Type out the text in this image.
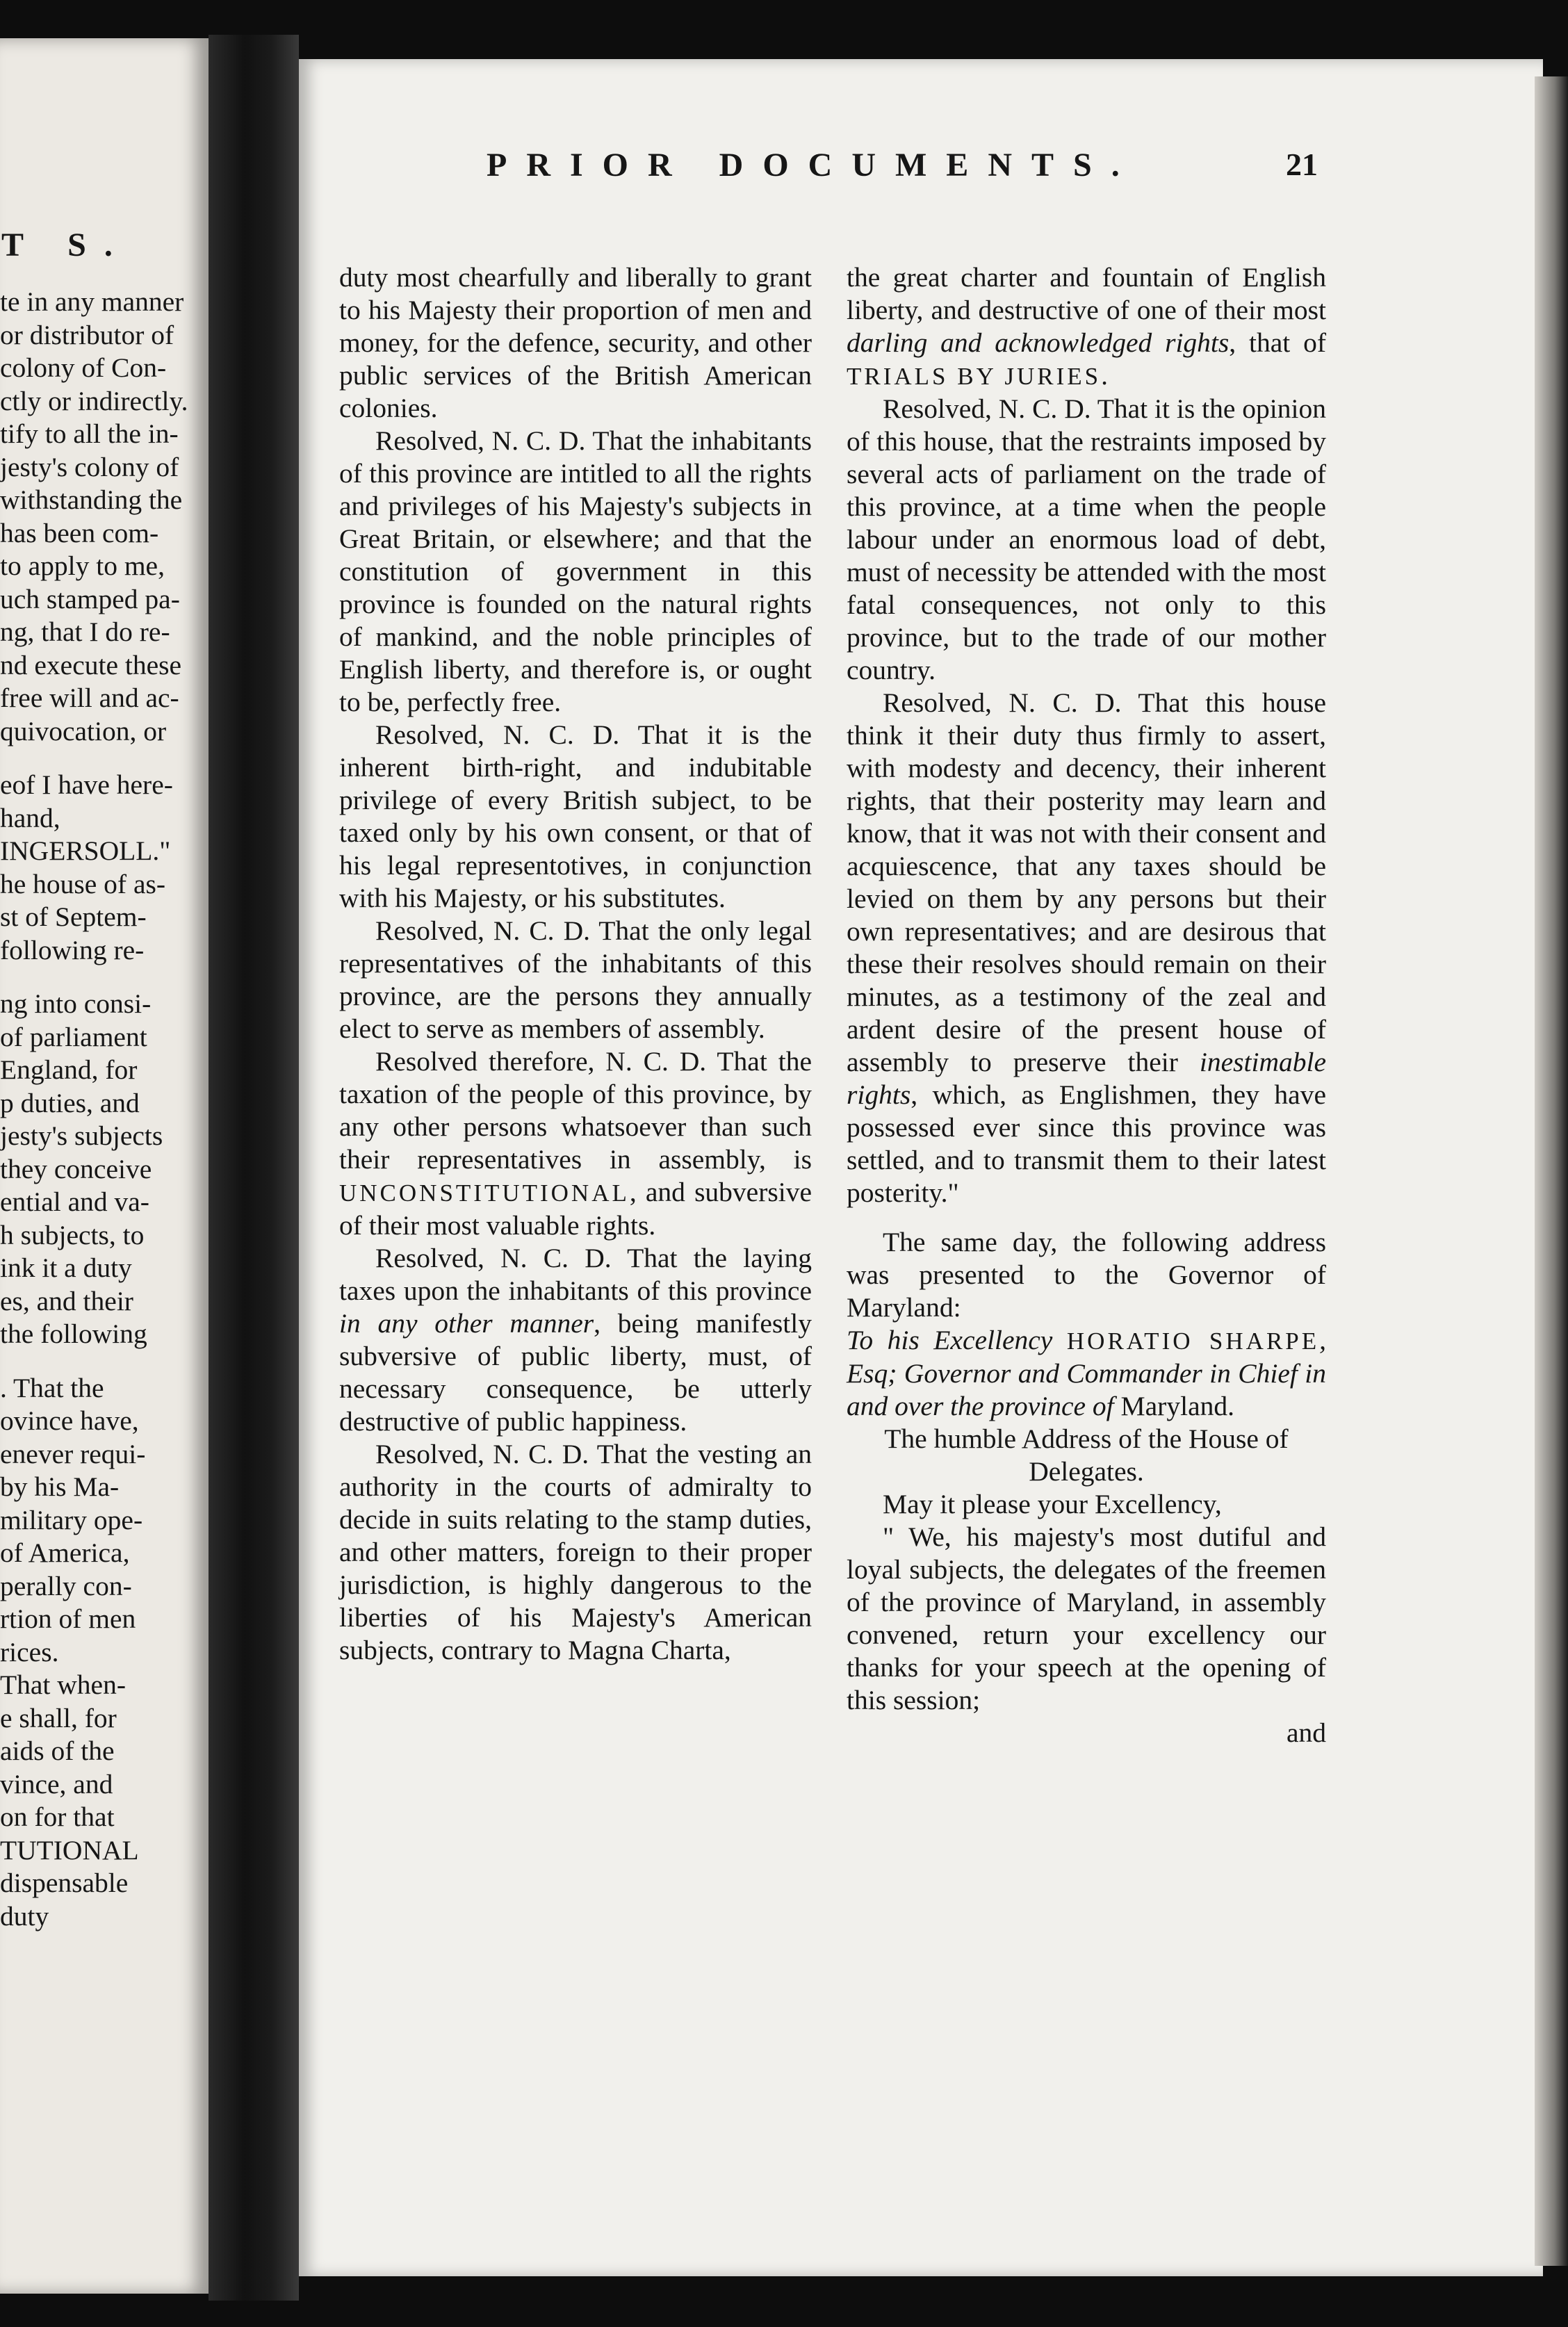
T S.
te in any manner
or distributor of
colony of Con-
ctly or indirectly.
tify to all the in-
jesty's colony of
withstanding the
has been com-
to apply to me,
uch stamped pa-
ng, that I do re-
nd execute these
free will and ac-
quivocation, or
eof I have here-
hand,
INGERSOLL."
he house of as-
st of Septem-
following re-
ng into consi-
of parliament
England, for
p duties, and
jesty's subjects
they conceive
ential and va-
h subjects, to
ink it a duty
es, and their
the following
. That the
ovince have,
enever requi-
by his Ma-
military ope-
of America,
perally con-
rtion of men
rices.
That when-
e shall, for
aids of the
vince, and
on for that
TUTIONAL
dispensable
duty
PRIOR DOCUMENTS.	21

duty most chearfully and liberally to grant to his Majesty their proportion of men and money, for the defence, security, and other public services of the British American colonies.

Resolved, N. C. D. That the inhabitants of this province are intitled to all the rights and privileges of his Majesty's subjects in Great Britain, or elsewhere; and that the constitution of government in this province is founded on the natural rights of mankind, and the noble principles of English liberty, and therefore is, or ought to be, perfectly free.

Resolved, N. C. D. That it is the inherent birth-right, and indubitable privilege of every British subject, to be taxed only by his own consent, or that of his legal representotives, in conjunction with his Majesty, or his substitutes.

Resolved, N. C. D. That the only legal representatives of the inhabitants of this province, are the persons they annually elect to serve as members of assembly.

Resolved therefore, N. C. D. That the taxation of the people of this province, by any other persons whatsoever than such their representatives in assembly, is UNCONSTITUTIONAL, and subversive of their most valuable rights.

Resolved, N. C. D. That the laying taxes upon the inhabitants of this province in any other manner, being manifestly subversive of public liberty, must, of necessary consequence, be utterly destructive of public happiness.

Resolved, N. C. D. That the vesting an authority in the courts of admiralty to decide in suits relating to the stamp duties, and other matters, foreign to their proper jurisdiction, is highly dangerous to the liberties of his Majesty's American subjects, contrary to Magna Charta,

the great charter and fountain of English liberty, and destructive of one of their most darling and acknowledged rights, that of TRIALS BY JURIES.

Resolved, N. C. D. That it is the opinion of this house, that the restraints imposed by several acts of parliament on the trade of this province, at a time when the people labour under an enormous load of debt, must of necessity be attended with the most fatal consequences, not only to this province, but to the trade of our mother country.

Resolved, N. C. D. That this house think it their duty thus firmly to assert, with modesty and decency, their inherent rights, that their posterity may learn and know, that it was not with their consent and acquiescence, that any taxes should be levied on them by any persons but their own representatives; and are desirous that these their resolves should remain on their minutes, as a testimony of the zeal and ardent desire of the present house of assembly to preserve their inestimable rights, which, as Englishmen, they have possessed ever since this province was settled, and to transmit them to their latest posterity."

The same day, the following address was presented to the Governor of Maryland:

To his Excellency HORATIO SHARPE, Esq; Governor and Commander in Chief in and over the province of Maryland.

The humble Address of the House of Delegates.

May it please your Excellency,

" We, his majesty's most dutiful and loyal subjects, the delegates of the freemen of the province of Maryland, in assembly convened, return your excellency our thanks for your speech at the opening of this session;

and
